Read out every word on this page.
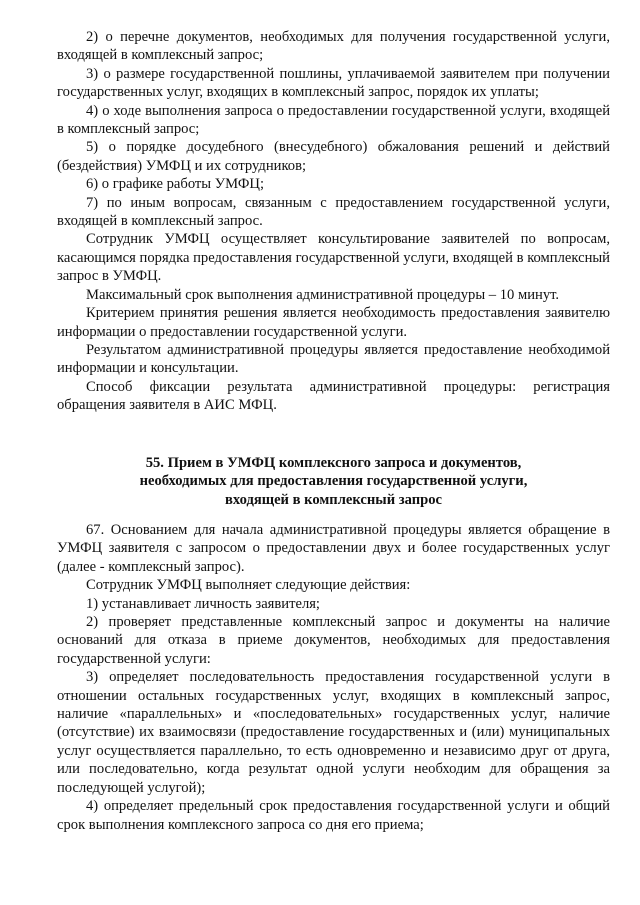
2) о перечне документов, необходимых для получения государственной услуги, входящей в комплексный запрос;

3) о размере государственной пошлины, уплачиваемой заявителем при получении государственных услуг, входящих в комплексный запрос, порядок их уплаты;

4) о ходе выполнения запроса о предоставлении государственной услуги, входящей в комплексный запрос;

5) о порядке досудебного (внесудебного) обжалования решений и действий (бездействия) УМФЦ и их сотрудников;

6) о графике работы УМФЦ;

7) по иным вопросам, связанным с предоставлением государственной услуги, входящей в комплексный запрос.

Сотрудник УМФЦ осуществляет консультирование заявителей по вопросам, касающимся порядка предоставления государственной услуги, входящей в комплексный запрос в УМФЦ.

Максимальный срок выполнения административной процедуры – 10 минут.

Критерием принятия решения является необходимость предоставления заявителю информации о предоставлении государственной услуги.

Результатом административной процедуры является предоставление необходимой информации и консультации.

Способ фиксации результата административной процедуры: регистрация обращения заявителя в АИС МФЦ.

55. Прием в УМФЦ комплексного запроса и документов,
необходимых для предоставления государственной услуги,
входящей в комплексный запрос

67. Основанием для начала административной процедуры является обращение в УМФЦ заявителя с запросом о предоставлении двух и более государственных услуг (далее - комплексный запрос).

Сотрудник УМФЦ выполняет следующие действия:

1) устанавливает личность заявителя;

2) проверяет представленные комплексный запрос и документы на наличие оснований для отказа в приеме документов, необходимых для предоставления государственной услуги:

3) определяет последовательность предоставления государственной услуги в отношении остальных государственных услуг, входящих в комплексный запрос, наличие «параллельных» и «последовательных» государственных услуг, наличие (отсутствие) их взаимосвязи (предоставление государственных и (или) муниципальных услуг осуществляется параллельно, то есть одновременно и независимо друг от друга, или последовательно, когда результат одной услуги необходим для обращения за последующей услугой);

4) определяет предельный срок предоставления государственной услуги и общий срок выполнения комплексного запроса со дня его приема;
